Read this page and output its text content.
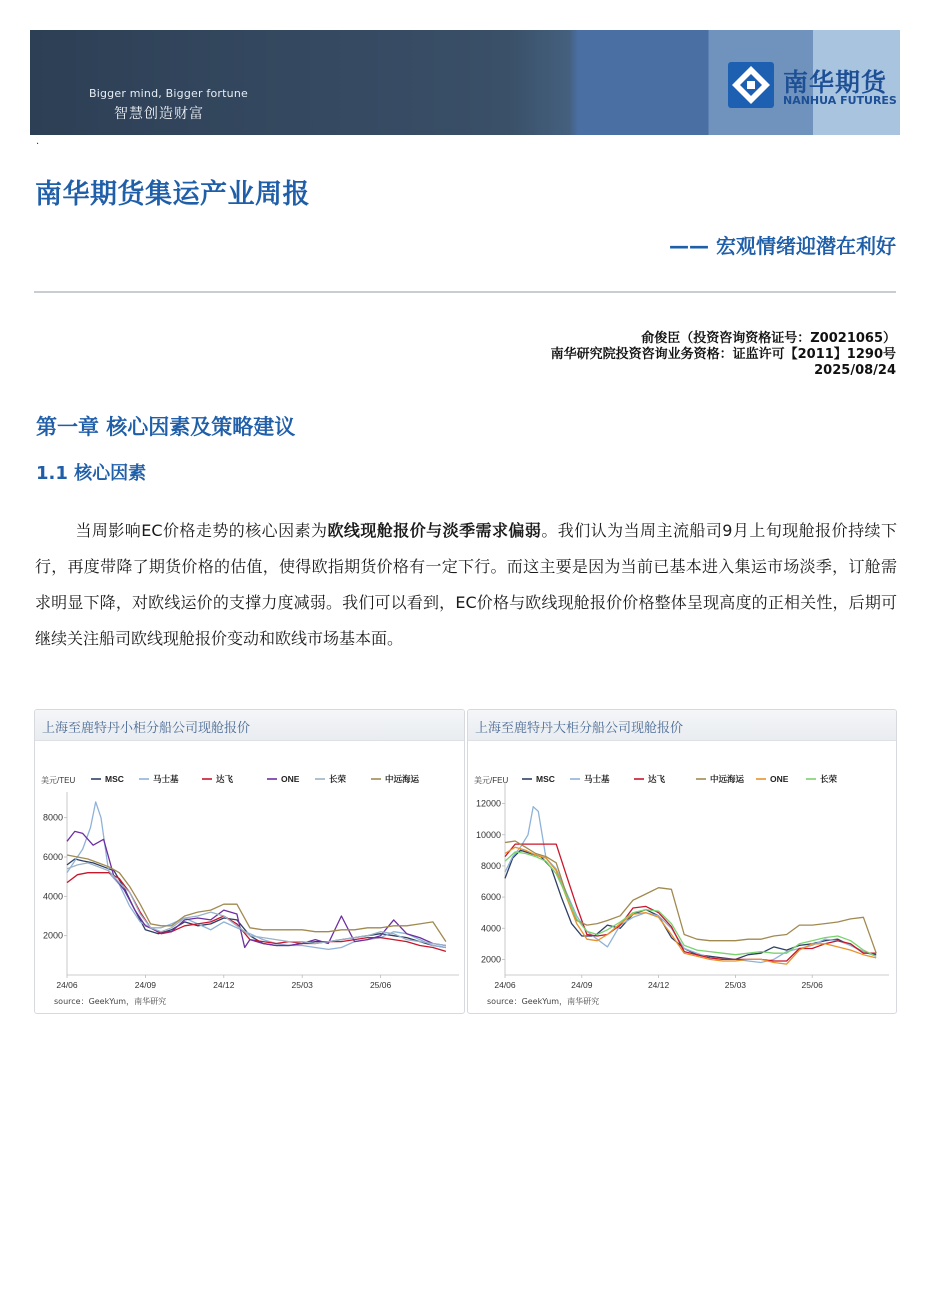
Bigger mind, Bigger fortune
智慧创造财富
南华期货
NANHUA FUTURES
·
南华期货集运产业周报
—— 宏观情绪迎潜在利好
俞俊臣（投资咨询资格证号：Z0021065）
南华研究院投资咨询业务资格：证监许可【2011】1290号
2025/08/24
第一章 核心因素及策略建议
1.1 核心因素
当周影响EC价格走势的核心因素为欧线现舱报价与淡季需求偏弱。我们认为当周主流船司9月上旬现舱报价持续下行，再度带降了期货价格的估值，使得欧指期货价格有一定下行。而这主要是因为当前已基本进入集运市场淡季，订舱需求明显下降，对欧线运价的支撑力度减弱。我们可以看到，EC价格与欧线现舱报价价格整体呈现高度的正相关性，后期可继续关注船司欧线现舱报价变动和欧线市场基本面。
上海至鹿特丹小柜分船公司现舱报价
美元/TEU
2000
4000
6000
8000
24/06	24/09	24/12	25/03	25/06
MSC	马士基	达飞	ONE	长荣	中远海运
source：GeekYum，南华研究
上海至鹿特丹大柜分船公司现舱报价
美元/FEU
2000
4000
6000
8000
10000
12000
24/06	24/09	24/12	25/03	25/06
MSC	马士基	达飞	中远海运	ONE	长荣
source：GeekYum，南华研究
